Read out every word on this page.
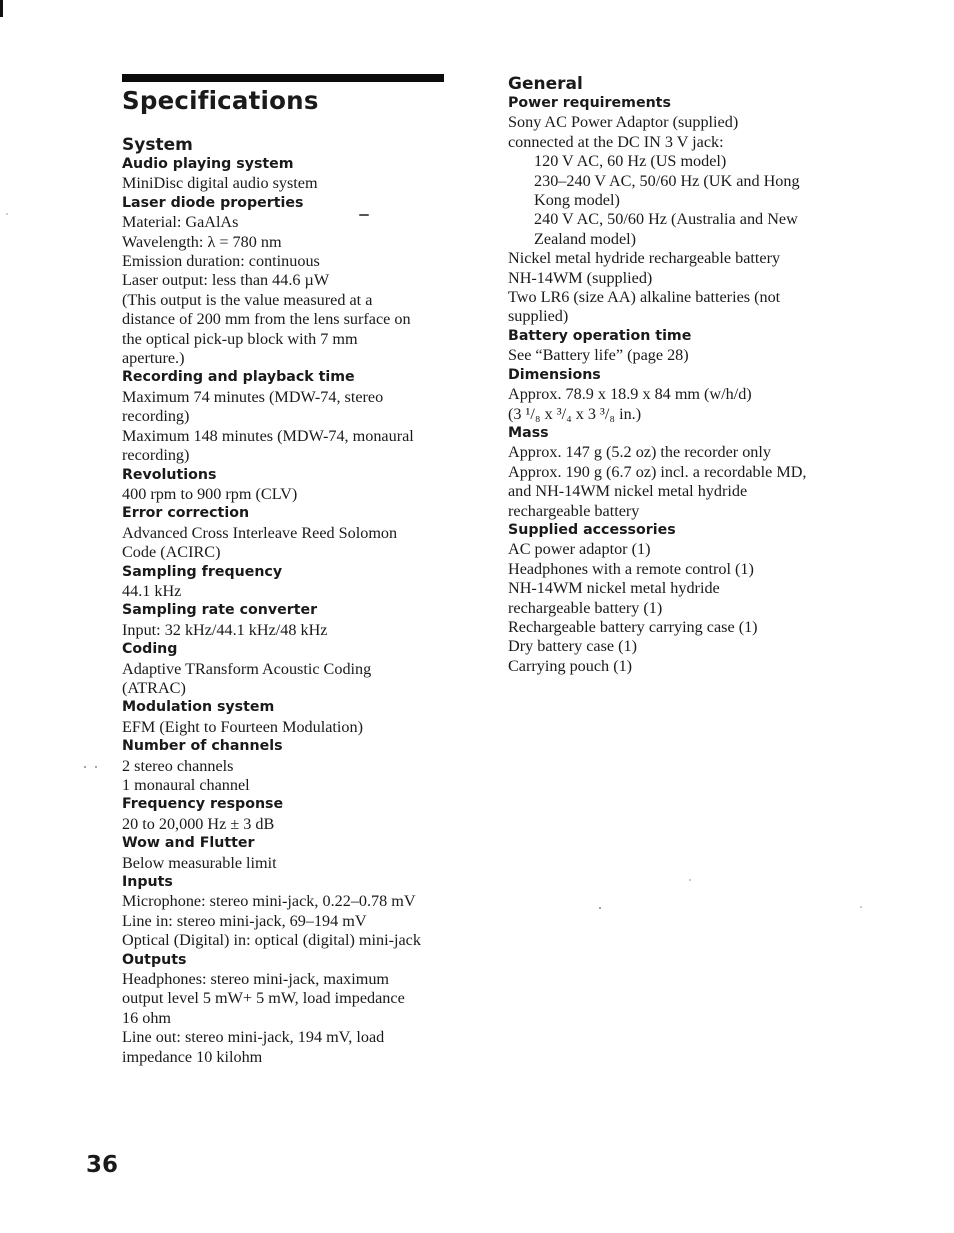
Specifications
System
Audio playing system
MiniDisc digital audio system
Laser diode properties
Material: GaAlAs
Wavelength: λ = 780 nm
Emission duration: continuous
Laser output: less than 44.6 µW
(This output is the value measured at a
distance of 200 mm from the lens surface on
the optical pick-up block with 7 mm
aperture.)
Recording and playback time
Maximum 74 minutes (MDW-74, stereo
recording)
Maximum 148 minutes (MDW-74, monaural
recording)
Revolutions
400 rpm to 900 rpm (CLV)
Error correction
Advanced Cross Interleave Reed Solomon
Code (ACIRC)
Sampling frequency
44.1 kHz
Sampling rate converter
Input: 32 kHz/44.1 kHz/48 kHz
Coding
Adaptive TRansform Acoustic Coding
(ATRAC)
Modulation system
EFM (Eight to Fourteen Modulation)
Number of channels
2 stereo channels
1 monaural channel
Frequency response
20 to 20,000 Hz ± 3 dB
Wow and Flutter
Below measurable limit
Inputs
Microphone: stereo mini-jack, 0.22–0.78 mV
Line in: stereo mini-jack, 69–194 mV
Optical (Digital) in: optical (digital) mini-jack
Outputs
Headphones: stereo mini-jack, maximum
output level 5 mW+ 5 mW, load impedance
16 ohm
Line out: stereo mini-jack, 194 mV, load
impedance 10 kilohm
General
Power requirements
Sony AC Power Adaptor (supplied)
connected at the DC IN 3 V jack:
120 V AC, 60 Hz (US model)
230–240 V AC, 50/60 Hz (UK and Hong
Kong model)
240 V AC, 50/60 Hz (Australia and New
Zealand model)
Nickel metal hydride rechargeable battery
NH-14WM (supplied)
Two LR6 (size AA) alkaline batteries (not
supplied)
Battery operation time
See “Battery life” (page 28)
Dimensions
Approx. 78.9 x 18.9 x 84 mm (w/h/d)
(3 ¹/₈ x ³/₄ x 3 ³/₈ in.)
Mass
Approx. 147 g (5.2 oz) the recorder only
Approx. 190 g (6.7 oz) incl. a recordable MD,
and NH-14WM nickel metal hydride
rechargeable battery
Supplied accessories
AC power adaptor (1)
Headphones with a remote control (1)
NH-14WM nickel metal hydride
rechargeable battery (1)
Rechargeable battery carrying case (1)
Dry battery case (1)
Carrying pouch (1)
36
